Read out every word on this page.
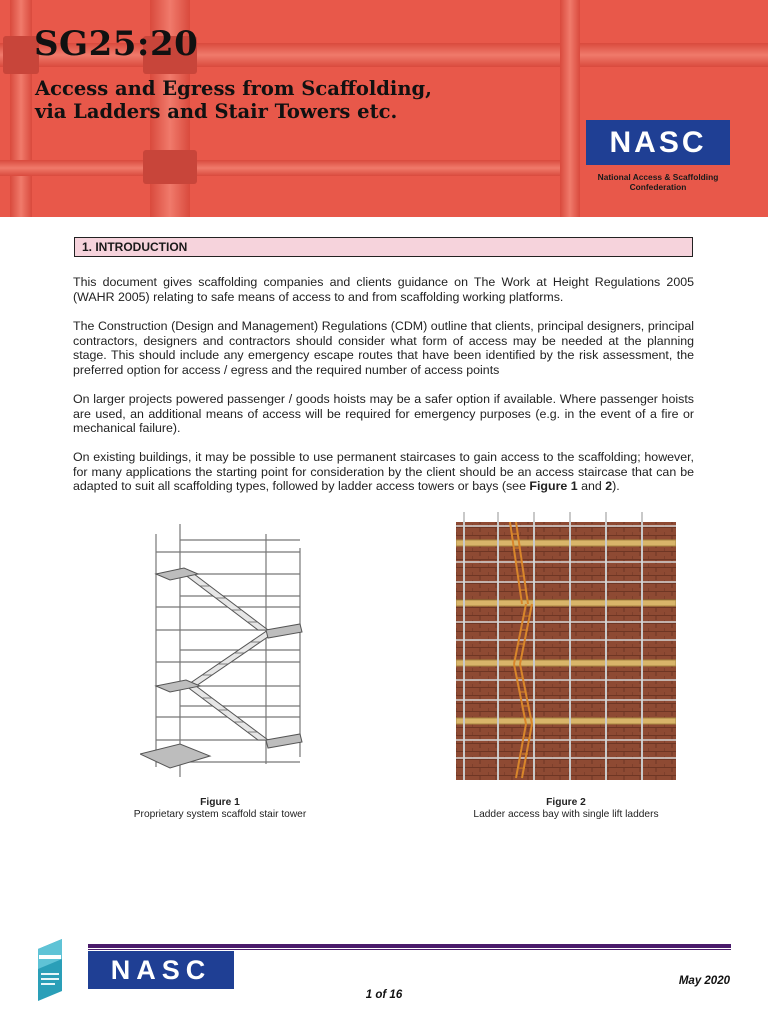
SG25:20
Access and Egress from Scaffolding,
via Ladders and Stair Towers etc.
NASC
National Access & Scaffolding
Confederation
1. INTRODUCTION
This document gives scaffolding companies and clients guidance on The Work at Height Regulations 2005 (WAHR 2005) relating to safe means of access to and from scaffolding working platforms.
The Construction (Design and Management) Regulations (CDM) outline that clients, principal designers, principal contractors, designers and contractors should consider what form of access may be needed at the planning stage. This should include any emergency escape routes that have been identified by the risk assessment, the preferred option for access / egress and the required number of access points
On larger projects powered passenger / goods hoists may be a safer option if available. Where passenger hoists are used, an additional means of access will be required for emergency purposes (e.g. in the event of a fire or mechanical failure).
On existing buildings, it may be possible to use permanent staircases to gain access to the scaffolding; however, for many applications the starting point for consideration by the client should be an access staircase that can be adapted to suit all scaffolding types, followed by ladder access towers or bays (see Figure 1 and 2).
Figure 1
Proprietary system scaffold stair tower
Figure 2
Ladder access bay with single lift ladders
NASC	May 2020
1 of 16
